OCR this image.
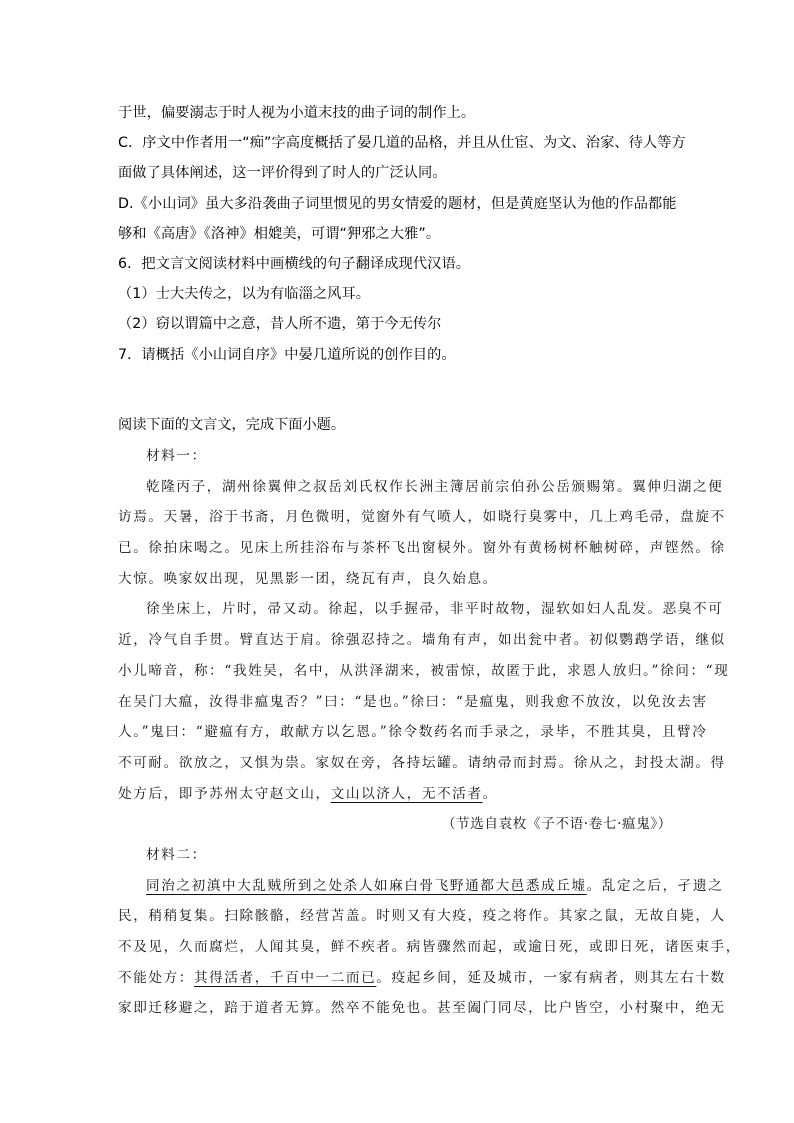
于世，偏要溺志于时人视为小道末技的曲子词的制作上。
C．序文中作者用一“痴”字高度概括了晏几道的品格，并且从仕宦、为文、治家、待人等方
面做了具体阐述，这一评价得到了时人的广泛认同。
D.《小山词》虽大多沿袭曲子词里惯见的男女情爱的题材，但是黄庭坚认为他的作品都能
够和《高唐》《洛神》相媲美，可谓“狎邪之大雅”。
6．把文言文阅读材料中画横线的句子翻译成现代汉语。
（1）士大夫传之，以为有临淄之风耳。
（2）窃以谓篇中之意，昔人所不遗，第于今无传尔
7．请概括《小山词自序》中晏几道所说的创作目的。
阅读下面的文言文，完成下面小题。
材料一：
乾隆丙子，湖州徐翼伸之叔岳刘氏权作长洲主簿居前宗伯孙公岳颁赐第。翼伸归湖之便
访焉。天暑，浴于书斋，月色微明，觉窗外有气喷人，如晓行臭雾中，几上鸡毛帚，盘旋不
已。徐拍床喝之。见床上所挂浴布与茶杯飞出窗棂外。窗外有黄杨树杯触树碎，声铿然。徐
大惊。唤家奴出现，见黑影一团，绕瓦有声，良久始息。
徐坐床上，片时，帚又动。徐起，以手握帚，非平时故物，湿软如妇人乱发。恶臭不可
近，冷气自手贯。臂直达于肩。徐强忍持之。墙角有声，如出瓮中者。初似鹦鹉学语，继似
小儿啼音，称：“我姓吴，名中，从洪泽湖来，被雷惊，故匿于此，求恩人放归。”徐问：“现
在吴门大瘟，汝得非瘟鬼否？”曰：“是也。”徐曰：“是瘟鬼，则我愈不放汝，以免汝去害
人。”鬼曰：“避瘟有方，敢献方以乞恩。”徐令数药名而手录之，录毕，不胜其臭，且臂冷
不可耐。欲放之，又惧为祟。家奴在旁，各持坛罐。请纳帚而封焉。徐从之，封投太湖。得
处方后，即予苏州太守赵文山，文山以济人，无不活者。
（节选自袁枚《子不语·卷七·瘟鬼》）
材料二：
同治之初滇中大乱贼所到之处杀人如麻白骨飞野通都大邑悉成丘墟。乱定之后，孑遗之
民，稍稍复集。扫除骸骼，经营苫盖。时则又有大疫，疫之将作。其家之鼠，无故自毙，人
不及见，久而腐烂，人闻其臭，鲜不疾者。病皆骤然而起，或逾日死，或即日死，诸医束手，
不能处方：其得活者，千百中一二而已。疫起乡间，延及城市，一家有病者，则其左右十数
家即迁移避之，踣于道者无算。然卒不能免也。甚至阖门同尽，比户皆空，小村聚中，绝无
